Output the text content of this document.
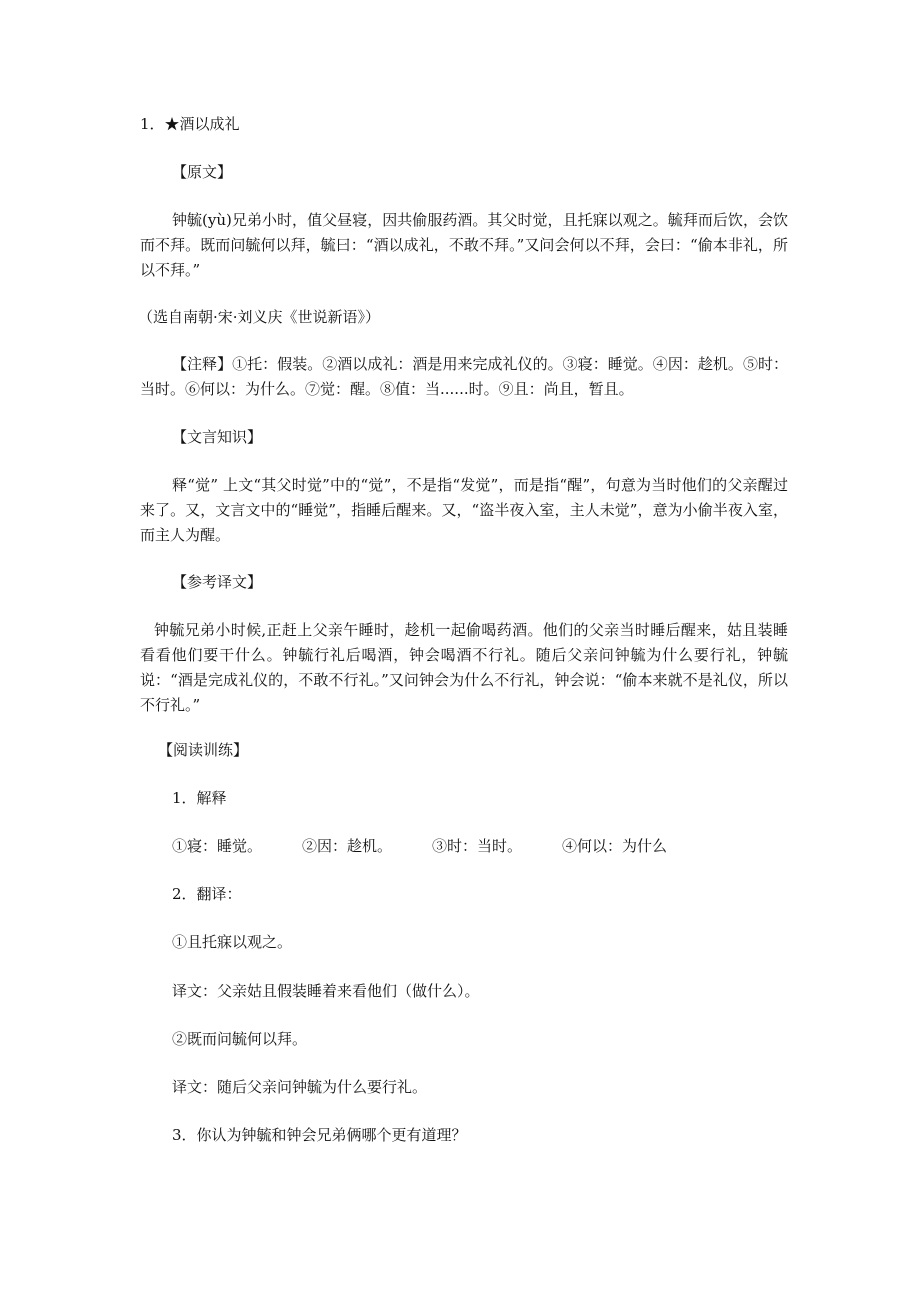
1．★酒以成礼
【原文】
钟毓(yù)兄弟小时，值父昼寝，因共偷服药酒。其父时觉，且托寐以观之。毓拜而后饮，会饮而不拜。既而问毓何以拜，毓曰：“酒以成礼，不敢不拜。”又问会何以不拜，会曰：“偷本非礼，所以不拜。”
（选自南朝·宋·刘义庆《世说新语》）
【注释】①托：假装。②酒以成礼：酒是用来完成礼仪的。③寝：睡觉。④因：趁机。⑤时：当时。⑥何以：为什么。⑦觉：醒。⑧值：当......时。⑨且：尚且，暂且。
【文言知识】
释“觉” 上文“其父时觉”中的“觉”，不是指“发觉”，而是指“醒”，句意为当时他们的父亲醒过来了。又，文言文中的“睡觉”，指睡后醒来。又，“盗半夜入室，主人未觉”，意为小偷半夜入室，而主人为醒。
【参考译文】
钟毓兄弟小时候,正赶上父亲午睡时，趁机一起偷喝药酒。他们的父亲当时睡后醒来，姑且装睡看看他们要干什么。钟毓行礼后喝酒，钟会喝酒不行礼。随后父亲问钟毓为什么要行礼，钟毓说：“酒是完成礼仪的，不敢不行礼。”又问钟会为什么不行礼，钟会说：“偷本来就不是礼仪，所以不行礼。”
【阅读训练】
1．解释
①寝：睡觉。	②因：趁机。	③时：当时。	④何以：为什么
2．翻译：
①且托寐以观之。
译文：父亲姑且假装睡着来看他们（做什么）。
②既而问毓何以拜。
译文：随后父亲问钟毓为什么要行礼。
3．你认为钟毓和钟会兄弟俩哪个更有道理？
